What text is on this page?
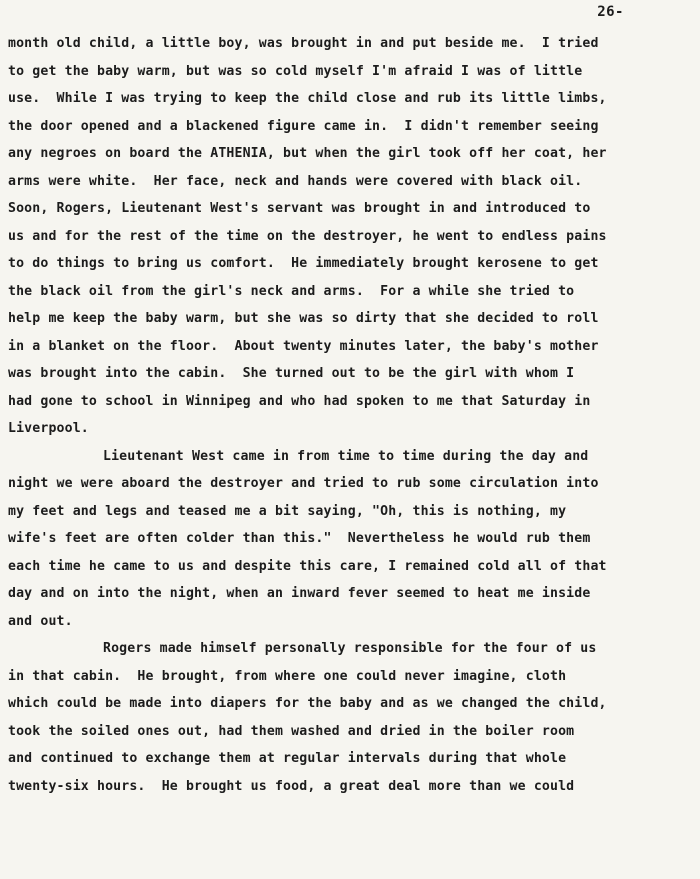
26-
month old child, a little boy, was brought in and put beside me.  I tried
to get the baby warm, but was so cold myself I'm afraid I was of little
use.  While I was trying to keep the child close and rub its little limbs,
the door opened and a blackened figure came in.  I didn't remember seeing
any negroes on board the ATHENIA, but when the girl took off her coat, her
arms were white.  Her face, neck and hands were covered with black oil.
Soon, Rogers, Lieutenant West's servant was brought in and introduced to
us and for the rest of the time on the destroyer, he went to endless pains
to do things to bring us comfort.  He immediately brought kerosene to get
the black oil from the girl's neck and arms.  For a while she tried to
help me keep the baby warm, but she was so dirty that she decided to roll
in a blanket on the floor.  About twenty minutes later, the baby's mother
was brought into the cabin.  She turned out to be the girl with whom I
had gone to school in Winnipeg and who had spoken to me that Saturday in
Liverpool.
Lieutenant West came in from time to time during the day and
night we were aboard the destroyer and tried to rub some circulation into
my feet and legs and teased me a bit saying, "Oh, this is nothing, my
wife's feet are often colder than this."  Nevertheless he would rub them
each time he came to us and despite this care, I remained cold all of that
day and on into the night, when an inward fever seemed to heat me inside
and out.
Rogers made himself personally responsible for the four of us
in that cabin.  He brought, from where one could never imagine, cloth
which could be made into diapers for the baby and as we changed the child,
took the soiled ones out, had them washed and dried in the boiler room
and continued to exchange them at regular intervals during that whole
twenty-six hours.  He brought us food, a great deal more than we could
